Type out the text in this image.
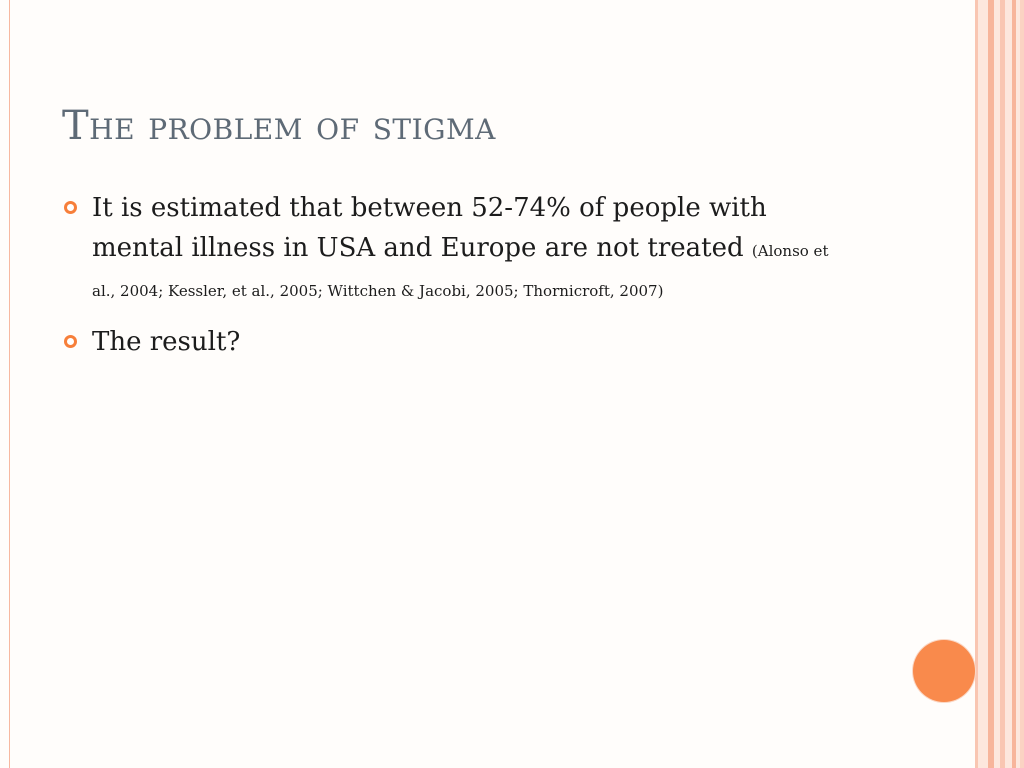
The problem of stigma
It is estimated that between 52-74% of people with mental illness in USA and Europe are not treated (Alonso et al., 2004; Kessler, et al., 2005; Wittchen & Jacobi, 2005; Thornicroft, 2007)
The result?
